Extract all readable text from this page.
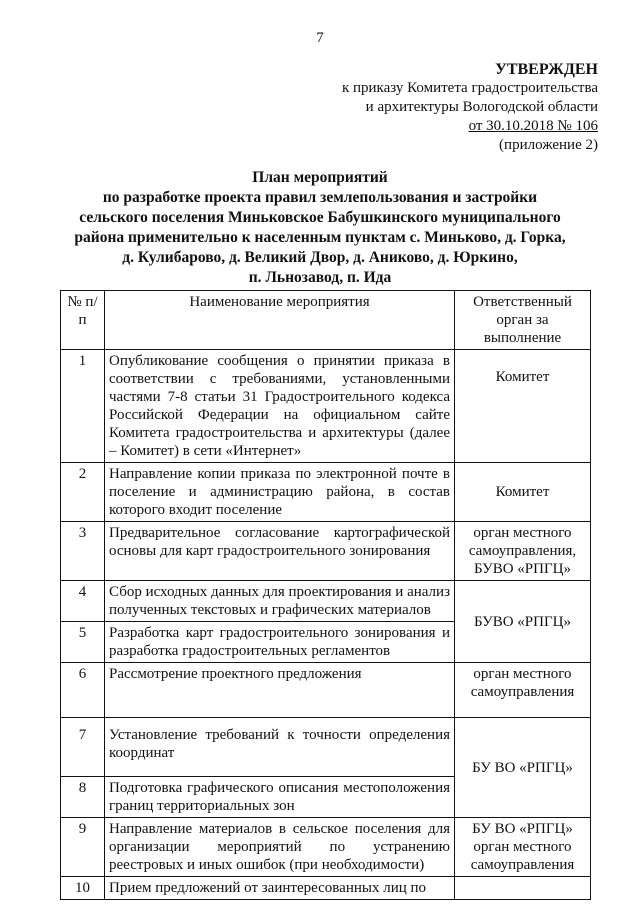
7
УТВЕРЖДЕН
к приказу Комитета градостроительства
и архитектуры Вологодской области
от 30.10.2018 № 106
(приложение 2)
План мероприятий
по разработке проекта правил землепользования и застройки
сельского поселения Миньковское Бабушкинского муниципального
района применительно к населенным пунктам с. Миньково, д. Горка,
д. Кулибарово, д. Великий Двор, д. Аниково, д. Юркино,
п. Льнозавод, п. Ида
№ п/п	Наименование мероприятия	Ответственный орган за выполнение
1	Опубликование сообщения о принятии приказа в соответствии с требованиями, установленными частями 7-8 статьи 31 Градостроительного кодекса Российской Федерации на официальном сайте Комитета градостроительства и архитектуры (далее – Комитет) в сети «Интернет»	Комитет
2	Направление копии приказа по электронной почте в поселение и администрацию района, в состав которого входит поселение	Комитет
3	Предварительное согласование картографической основы для карт градостроительного зонирования	орган местного самоуправления, БУВО «РПГЦ»
4	Сбор исходных данных для проектирования и анализ полученных текстовых и графических материалов	БУВО «РПГЦ»
5	Разработка карт градостроительного зонирования и разработка градостроительных регламентов	
6	Рассмотрение проектного предложения	орган местного самоуправления
7	Установление требований к точности определения координат	БУ ВО «РПГЦ»
8	Подготовка графического описания местоположения границ территориальных зон	
9	Направление материалов в сельское поселения для организации мероприятий по устранению реестровых и иных ошибок (при необходимости)	БУ ВО «РПГЦ» орган местного самоуправления
10	Прием предложений от заинтересованных лиц по	
